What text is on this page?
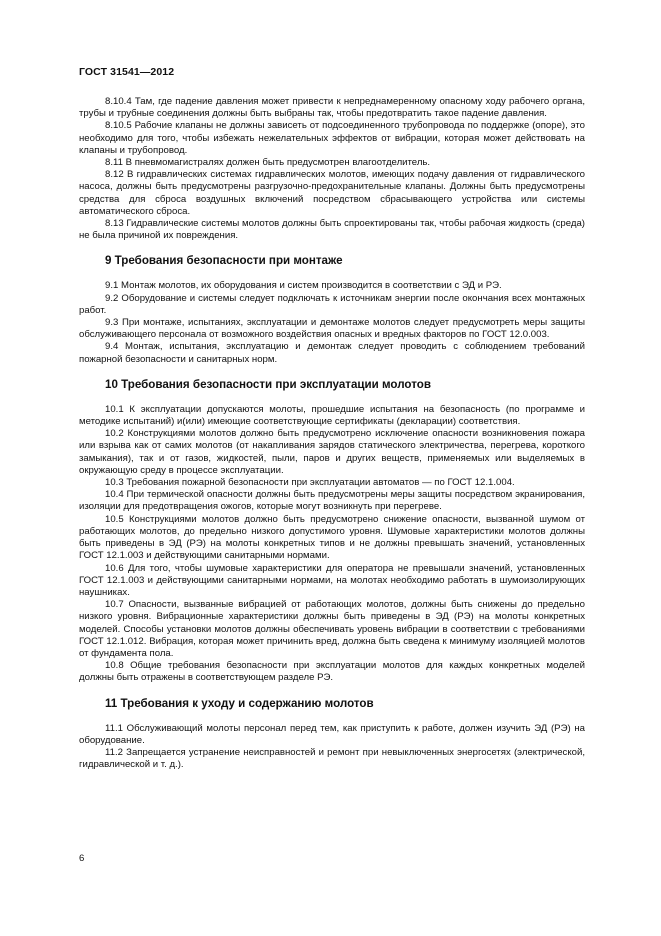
ГОСТ 31541—2012

8.10.4 Там, где падение давления может привести к непреднамеренному опасному ходу рабочего органа, трубы и трубные соединения должны быть выбраны так, чтобы предотвратить такое падение давления.

8.10.5 Рабочие клапаны не должны зависеть от подсоединенного трубопровода по поддержке (опоре), это необходимо для того, чтобы избежать нежелательных эффектов от вибрации, которая может действовать на клапаны и трубопровод.

8.11 В пневмомагистралях должен быть предусмотрен влагоотделитель.

8.12 В гидравлических системах гидравлических молотов, имеющих подачу давления от гидравлического насоса, должны быть предусмотрены разгрузочно-предохранительные клапаны. Должны быть предусмотрены средства для сброса воздушных включений посредством сбрасывающего устройства или системы автоматического сброса.

8.13 Гидравлические системы молотов должны быть спроектированы так, чтобы рабочая жидкость (среда) не была причиной их повреждения.

9 Требования безопасности при монтаже

9.1 Монтаж молотов, их оборудования и систем производится в соответствии с ЭД и РЭ.

9.2 Оборудование и системы следует подключать к источникам энергии после окончания всех монтажных работ.

9.3 При монтаже, испытаниях, эксплуатации и демонтаже молотов следует предусмотреть меры защиты обслуживающего персонала от возможного воздействия опасных и вредных факторов по ГОСТ 12.0.003.

9.4 Монтаж, испытания, эксплуатацию и демонтаж следует проводить с соблюдением требований пожарной безопасности и санитарных норм.

10 Требования безопасности при эксплуатации молотов

10.1 К эксплуатации допускаются молоты, прошедшие испытания на безопасность (по программе и методике испытаний) и(или) имеющие соответствующие сертификаты (декларации) соответствия.

10.2 Конструкциями молотов должно быть предусмотрено исключение опасности возникновения пожара или взрыва как от самих молотов (от накапливания зарядов статического электричества, перегрева, короткого замыкания), так и от газов, жидкостей, пыли, паров и других веществ, применяемых или выделяемых в окружающую среду в процессе эксплуатации.

10.3 Требования пожарной безопасности при эксплуатации автоматов — по ГОСТ 12.1.004.

10.4 При термической опасности должны быть предусмотрены меры защиты посредством экранирования, изоляции для предотвращения ожогов, которые могут возникнуть при перегреве.

10.5 Конструкциями молотов должно быть предусмотрено снижение опасности, вызванной шумом от работающих молотов, до предельно низкого допустимого уровня. Шумовые характеристики молотов должны быть приведены в ЭД (РЭ) на молоты конкретных типов и не должны превышать значений, установленных ГОСТ 12.1.003 и действующими санитарными нормами.

10.6 Для того, чтобы шумовые характеристики для оператора не превышали значений, установленных ГОСТ 12.1.003 и действующими санитарными нормами, на молотах необходимо работать в шумоизолирующих наушниках.

10.7 Опасности, вызванные вибрацией от работающих молотов, должны быть снижены до предельно низкого уровня. Вибрационные характеристики должны быть приведены в ЭД (РЭ) на молоты конкретных моделей. Способы установки молотов должны обеспечивать уровень вибрации в соответствии с требованиями ГОСТ 12.1.012. Вибрация, которая может причинить вред, должна быть сведена к минимуму изоляцией молотов от фундамента пола.

10.8 Общие требования безопасности при эксплуатации молотов для каждых конкретных моделей должны быть отражены в соответствующем разделе РЭ.

11 Требования к уходу и содержанию молотов

11.1 Обслуживающий молоты персонал перед тем, как приступить к работе, должен изучить ЭД (РЭ) на оборудование.

11.2 Запрещается устранение неисправностей и ремонт при невыключенных энергосетях (электрической, гидравлической и т. д.).

6
